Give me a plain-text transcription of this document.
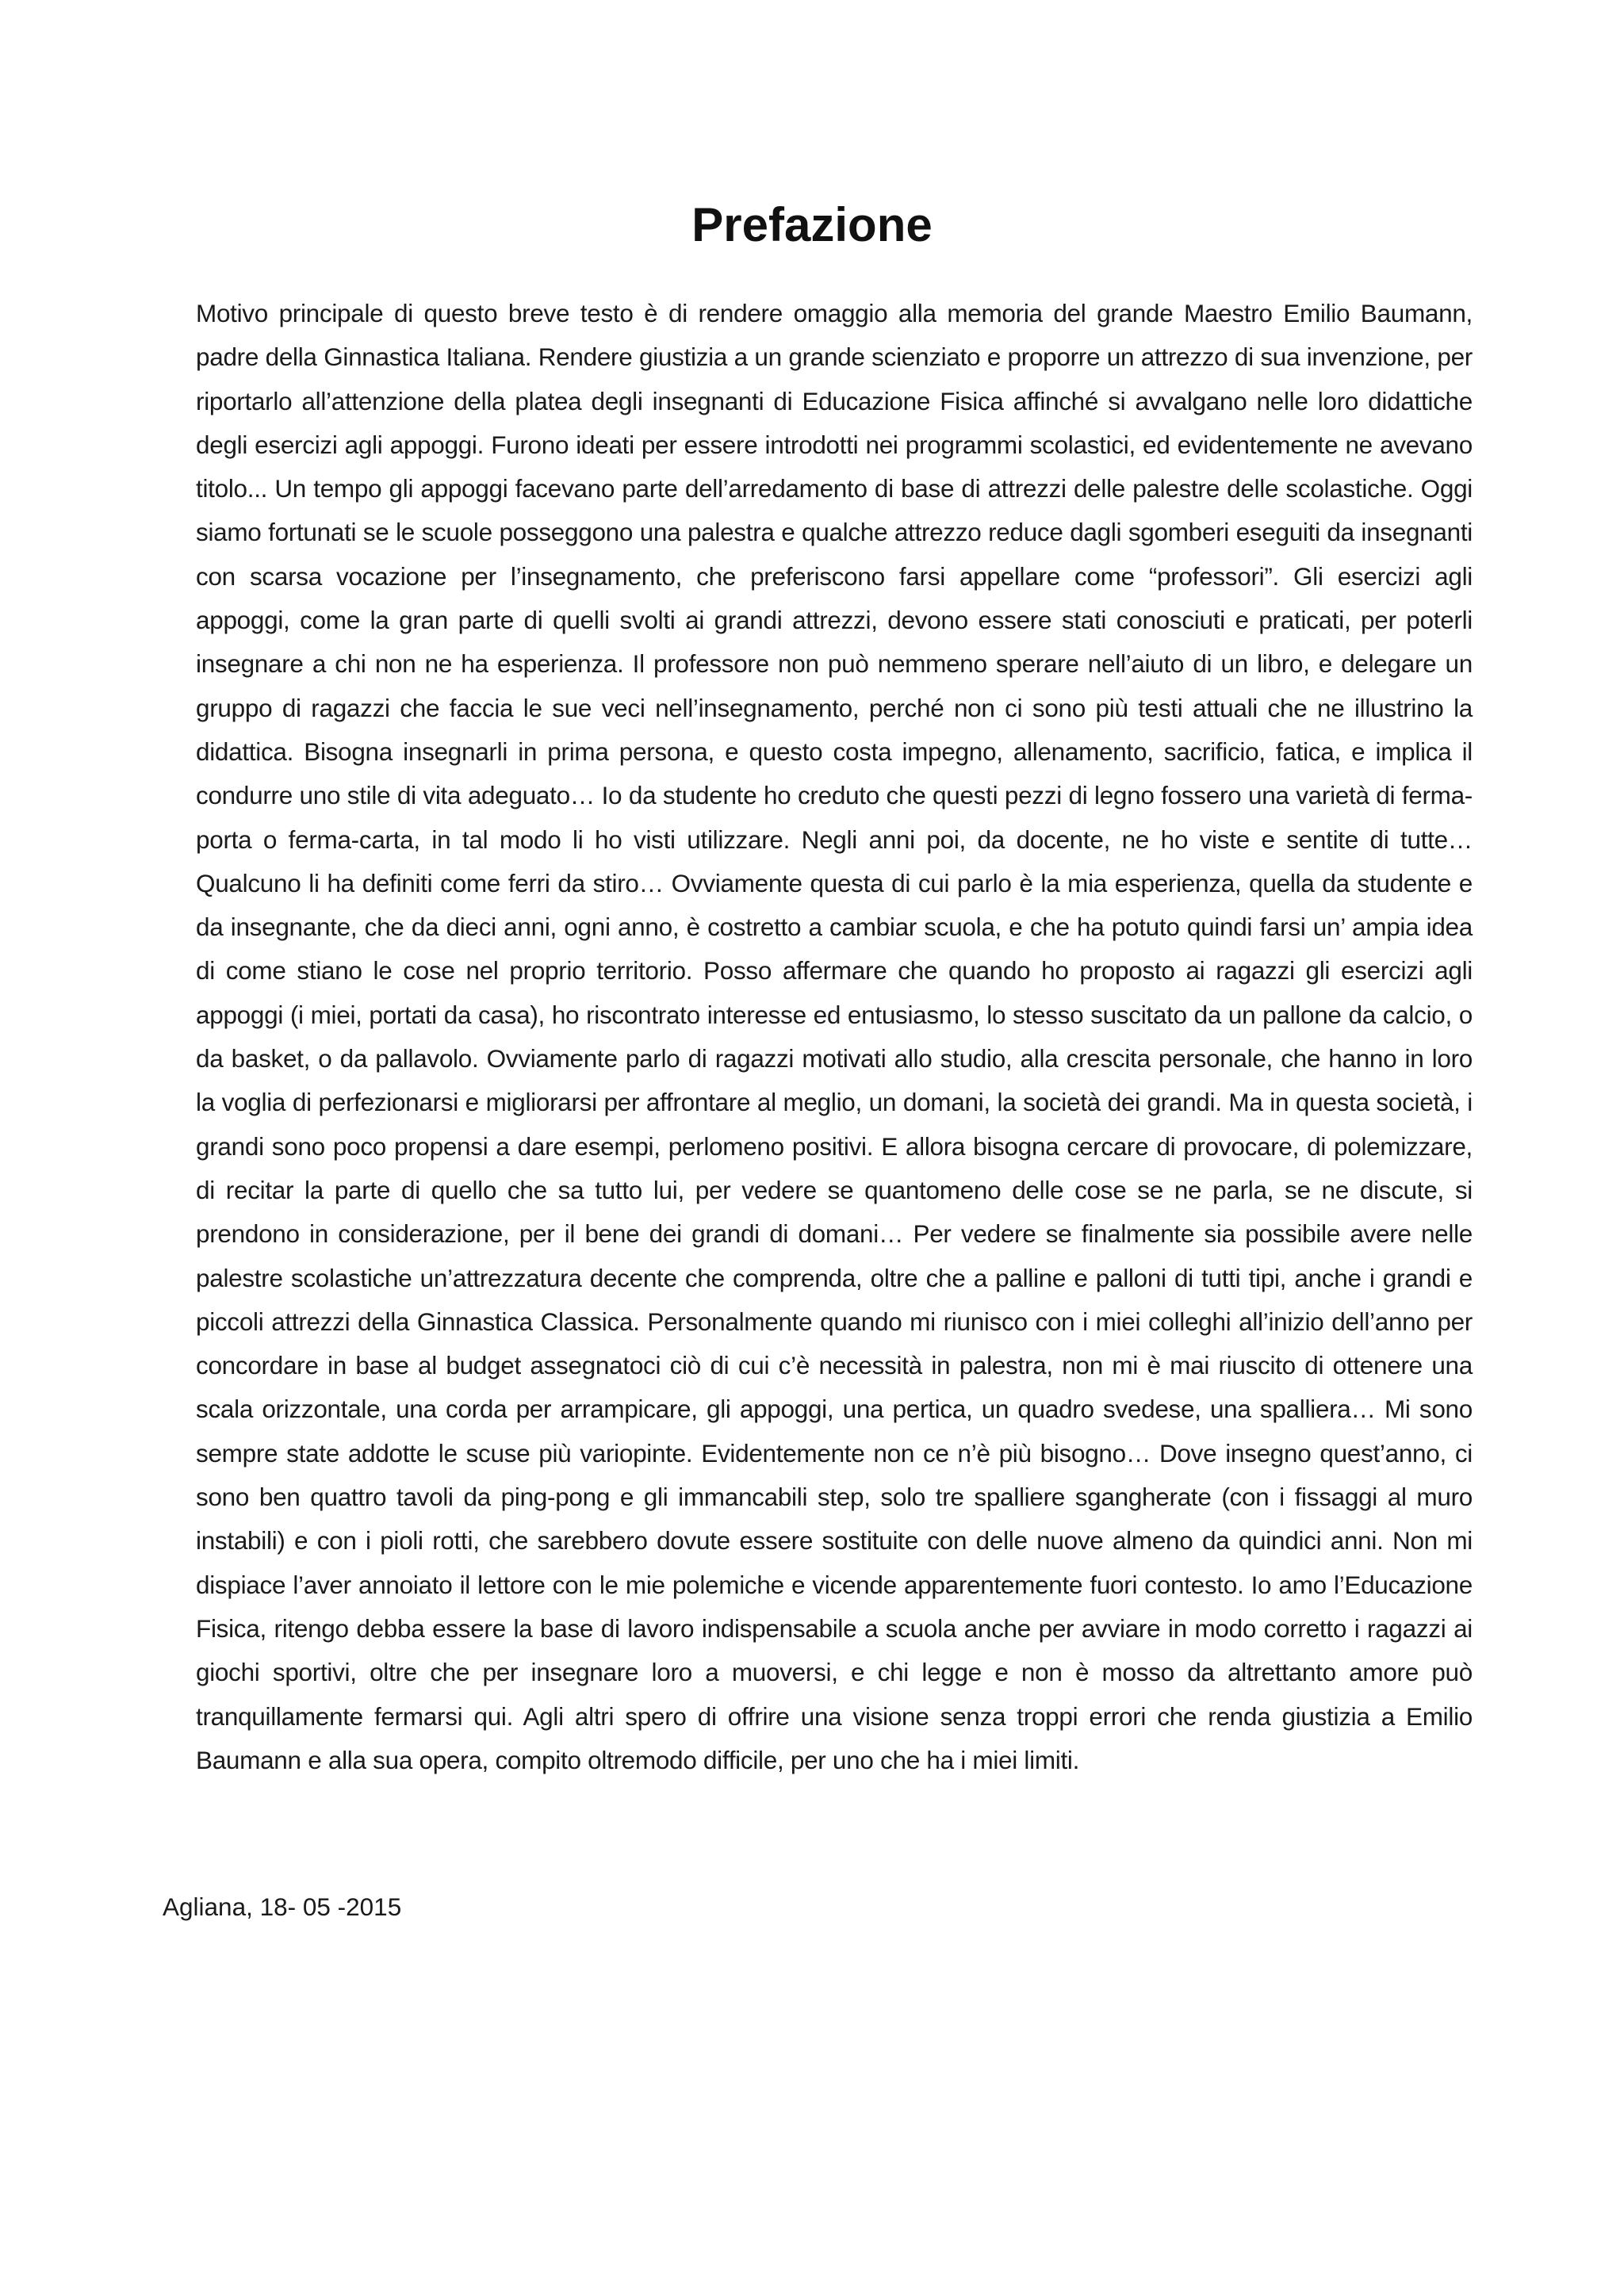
Prefazione

Motivo principale di questo breve testo è di rendere omaggio alla memoria del grande Maestro Emilio Baumann, padre della Ginnastica Italiana. Rendere giustizia a un grande scienziato e proporre un attrezzo di sua invenzione, per riportarlo all’attenzione della platea degli insegnanti di Educazione Fisica affinché si avvalgano nelle loro didattiche degli esercizi agli appoggi. Furono ideati per essere introdotti nei programmi scolastici, ed evidentemente ne avevano titolo... Un tempo gli appoggi facevano parte dell’arredamento di base di attrezzi delle palestre delle scolastiche. Oggi siamo fortunati se le scuole posseggono una palestra e qualche attrezzo reduce dagli sgomberi eseguiti da insegnanti con scarsa vocazione per l’insegnamento, che preferiscono farsi appellare come “professori”. Gli esercizi agli appoggi, come la gran parte di quelli svolti ai grandi attrezzi, devono essere stati conosciuti e praticati, per poterli insegnare a chi non ne ha esperienza. Il professore non può nemmeno sperare nell’aiuto di un libro, e delegare un gruppo di ragazzi che faccia le sue veci nell’insegnamento, perché non ci sono più testi attuali che ne illustrino la didattica. Bisogna insegnarli in prima persona, e questo costa impegno, allenamento, sacrificio, fatica, e implica il condurre uno stile di vita adeguato… Io da studente ho creduto che questi pezzi di legno fossero una varietà di ferma-porta o ferma-carta, in tal modo li ho visti utilizzare. Negli anni poi, da docente, ne ho viste e sentite di tutte… Qualcuno li ha definiti come ferri da stiro… Ovviamente questa di cui parlo è la mia esperienza, quella da studente e da insegnante, che da dieci anni, ogni anno, è costretto a cambiar scuola, e che ha potuto quindi farsi un’ ampia idea di come stiano le cose nel proprio territorio. Posso affermare che quando ho proposto ai ragazzi gli esercizi agli appoggi (i miei, portati da casa), ho riscontrato interesse ed entusiasmo, lo stesso suscitato da un pallone da calcio, o da basket, o da pallavolo. Ovviamente parlo di ragazzi motivati allo studio, alla crescita personale, che hanno in loro la voglia di perfezionarsi e migliorarsi per affrontare al meglio, un domani, la società dei grandi. Ma in questa società, i grandi sono poco propensi a dare esempi, perlomeno positivi. E allora bisogna cercare di provocare, di polemizzare, di recitar la parte di quello che sa tutto lui, per vedere se quantomeno delle cose se ne parla, se ne discute, si prendono in considerazione, per il bene dei grandi di domani… Per vedere se finalmente sia possibile avere nelle palestre scolastiche un’attrezzatura decente che comprenda, oltre che a palline e palloni di tutti tipi, anche i grandi e piccoli attrezzi della Ginnastica Classica. Personalmente quando mi riunisco con i miei colleghi all’inizio dell’anno per concordare in base al budget assegnatoci ciò di cui c’è necessità in palestra, non mi è mai riuscito di ottenere una scala orizzontale, una corda per arrampicare, gli appoggi, una pertica, un quadro svedese, una spalliera… Mi sono sempre state addotte le scuse più variopinte. Evidentemente non ce n’è più bisogno… Dove insegno quest’anno, ci sono ben quattro tavoli da ping-pong e gli immancabili step, solo tre spalliere sgangherate (con i fissaggi al muro instabili) e con i pioli rotti, che sarebbero dovute essere sostituite con delle nuove almeno da quindici anni. Non mi dispiace l’aver annoiato il lettore con le mie polemiche e vicende apparentemente fuori contesto. Io amo l’Educazione Fisica, ritengo debba essere la base di lavoro indispensabile a scuola anche per avviare in modo corretto i ragazzi ai giochi sportivi, oltre che per insegnare loro a muoversi, e chi legge e non è mosso da altrettanto amore può tranquillamente fermarsi qui. Agli altri spero di offrire una visione senza troppi errori che renda giustizia a Emilio Baumann e alla sua opera, compito oltremodo difficile, per uno che ha i miei limiti.

Agliana, 18- 05 -2015
